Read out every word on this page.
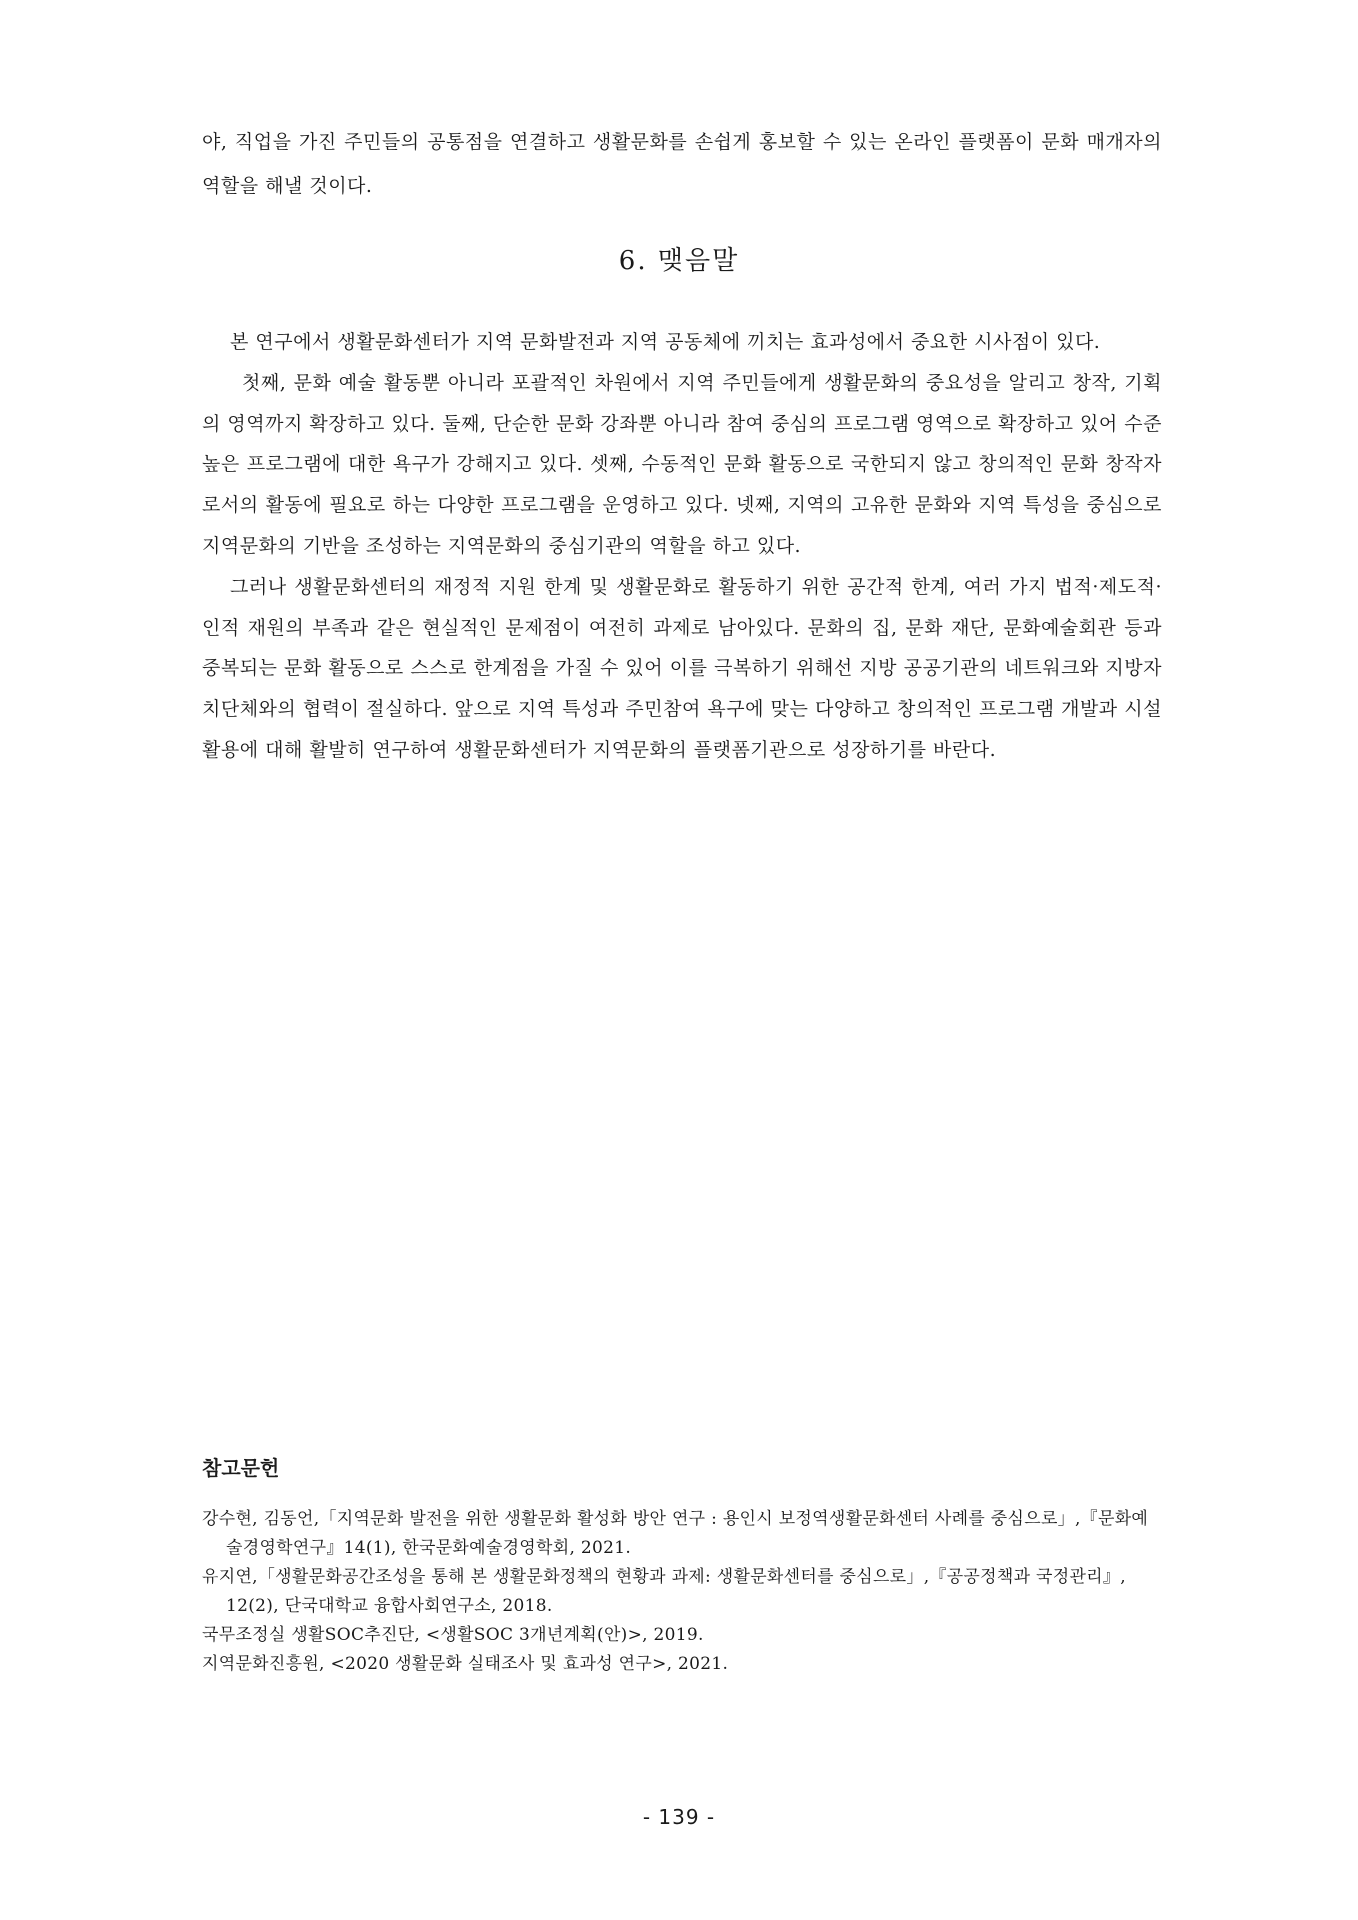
야, 직업을 가진 주민들의 공통점을 연결하고 생활문화를 손쉽게 홍보할 수 있는 온라인 플랫폼이 문화 매개자의 역할을 해낼 것이다.
6. 맺음말

본 연구에서 생활문화센터가 지역 문화발전과 지역 공동체에 끼치는 효과성에서 중요한 시사점이 있다.

첫째, 문화 예술 활동뿐 아니라 포괄적인 차원에서 지역 주민들에게 생활문화의 중요성을 알리고 창작, 기획의 영역까지 확장하고 있다. 둘째, 단순한 문화 강좌뿐 아니라 참여 중심의 프로그램 영역으로 확장하고 있어 수준 높은 프로그램에 대한 욕구가 강해지고 있다. 셋째, 수동적인 문화 활동으로 국한되지 않고 창의적인 문화 창작자로서의 활동에 필요로 하는 다양한 프로그램을 운영하고 있다. 넷째, 지역의 고유한 문화와 지역 특성을 중심으로 지역문화의 기반을 조성하는 지역문화의 중심기관의 역할을 하고 있다.

그러나 생활문화센터의 재정적 지원 한계 및 생활문화로 활동하기 위한 공간적 한계, 여러 가지 법적·제도적·인적 재원의 부족과 같은 현실적인 문제점이 여전히 과제로 남아있다. 문화의 집, 문화 재단, 문화예술회관 등과 중복되는 문화 활동으로 스스로 한계점을 가질 수 있어 이를 극복하기 위해선 지방 공공기관의 네트워크와 지방자치단체와의 협력이 절실하다. 앞으로 지역 특성과 주민참여 욕구에 맞는 다양하고 창의적인 프로그램 개발과 시설 활용에 대해 활발히 연구하여 생활문화센터가 지역문화의 플랫폼기관으로 성장하기를 바란다.

참고문헌
강수현, 김동언,「지역문화 발전을 위한 생활문화 활성화 방안 연구 : 용인시 보정역생활문화센터 사례를 중심으로」,『문화예술경영학연구』14(1), 한국문화예술경영학회, 2021.
유지연,「생활문화공간조성을 통해 본 생활문화정책의 현황과 과제: 생활문화센터를 중심으로」,『공공정책과 국정관리』, 12(2), 단국대학교 융합사회연구소, 2018.
국무조정실 생활SOC추진단, <생활SOC 3개년계획(안)>, 2019.
지역문화진흥원, <2020 생활문화 실태조사 및 효과성 연구>, 2021.
- 139 -
